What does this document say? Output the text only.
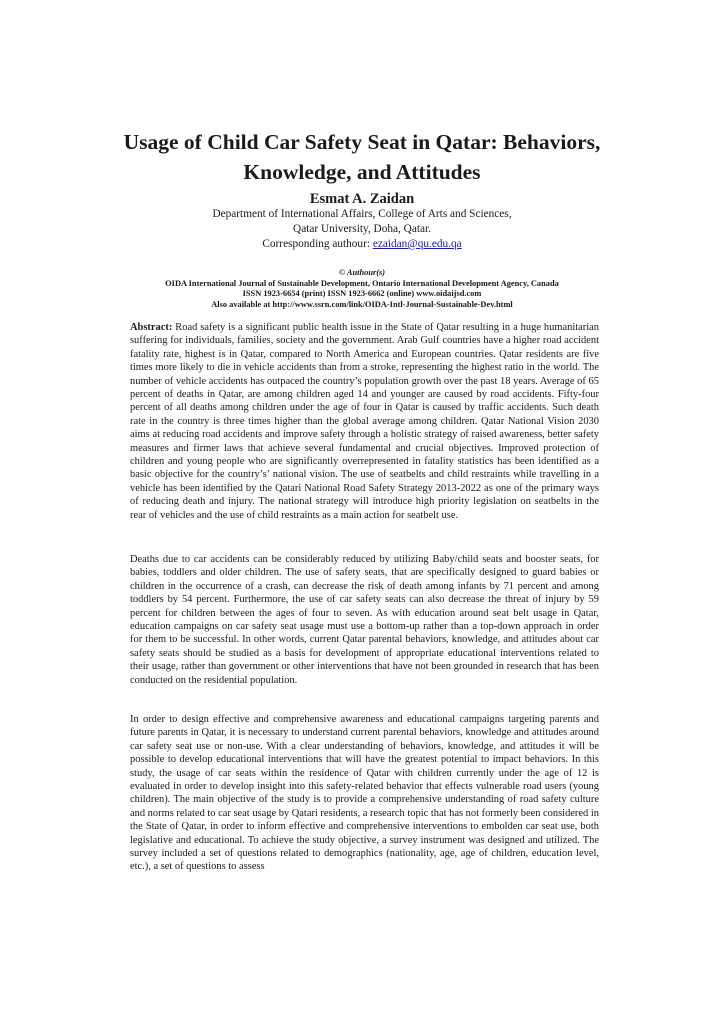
Usage of Child Car Safety Seat in Qatar: Behaviors,
Knowledge, and Attitudes
Esmat A. Zaidan
Department of International Affairs, College of Arts and Sciences,
Qatar University, Doha, Qatar.
Corresponding authour: ezaidan@qu.edu.qa
© Authour(s)
OIDA International Journal of Sustainable Development, Ontario International Development Agency, Canada
ISSN 1923-6654 (print) ISSN 1923-6662 (online) www.oidaijsd.com
Also available at http://www.ssrn.com/link/OIDA-Intl-Journal-Sustainable-Dev.html
Abstract: Road safety is a significant public health issue in the State of Qatar resulting in a huge humanitarian suffering for individuals, families, society and the government. Arab Gulf countries have a higher road accident fatality rate, highest is in Qatar, compared to North America and European countries. Qatar residents are five times more likely to die in vehicle accidents than from a stroke, representing the highest ratio in the world. The number of vehicle accidents has outpaced the country’s population growth over the past 18 years. Average of 65 percent of deaths in Qatar, are among children aged 14 and younger are caused by road accidents. Fifty-four percent of all deaths among children under the age of four in Qatar is caused by traffic accidents. Such death rate in the country is three times higher than the global average among children. Qatar National Vision 2030 aims at reducing road accidents and improve safety through a holistic strategy of raised awareness, better safety measures and firmer laws that achieve several fundamental and crucial objectives. Improved protection of children and young people who are significantly overrepresented in fatality statistics has been identified as a basic objective for the country’s’ national vision. The use of seatbelts and child restraints while travelling in a vehicle has been identified by the Qatari National Road Safety Strategy 2013-2022 as one of the primary ways of reducing death and injury. The national strategy will introduce high priority legislation on seatbelts in the rear of vehicles and the use of child restraints as a main action for seatbelt use.
Deaths due to car accidents can be considerably reduced by utilizing Baby/child seats and booster seats, for babies, toddlers and older children. The use of safety seats, that are specifically designed to guard babies or children in the occurrence of a crash, can decrease the risk of death among infants by 71 percent and among toddlers by 54 percent. Furthermore, the use of car safety seats can also decrease the threat of injury by 59 percent for children between the ages of four to seven. As with education around seat belt usage in Qatar, education campaigns on car safety seat usage must use a bottom-up rather than a top-down approach in order for them to be successful. In other words, current Qatar parental behaviors, knowledge, and attitudes about car safety seats should be studied as a basis for development of appropriate educational interventions related to their usage, rather than government or other interventions that have not been grounded in research that has been conducted on the residential population.
In order to design effective and comprehensive awareness and educational campaigns targeting parents and future parents in Qatar, it is necessary to understand current parental behaviors, knowledge and attitudes around car safety seat use or non-use. With a clear understanding of behaviors, knowledge, and attitudes it will be possible to develop educational interventions that will have the greatest potential to impact behaviors. In this study, the usage of car seats within the residence of Qatar with children currently under the age of 12 is evaluated in order to develop insight into this safety-related behavior that effects vulnerable road users (young children). The main objective of the study is to provide a comprehensive understanding of road safety culture and norms related to car seat usage by Qatari residents, a research topic that has not formerly been considered in the State of Qatar, in order to inform effective and comprehensive interventions to embolden car seat use, both legislative and educational. To achieve the study objective, a survey instrument was designed and utilized. The survey included a set of questions related to demographics (nationality, age, age of children, education level, etc.), a set of questions to assess
